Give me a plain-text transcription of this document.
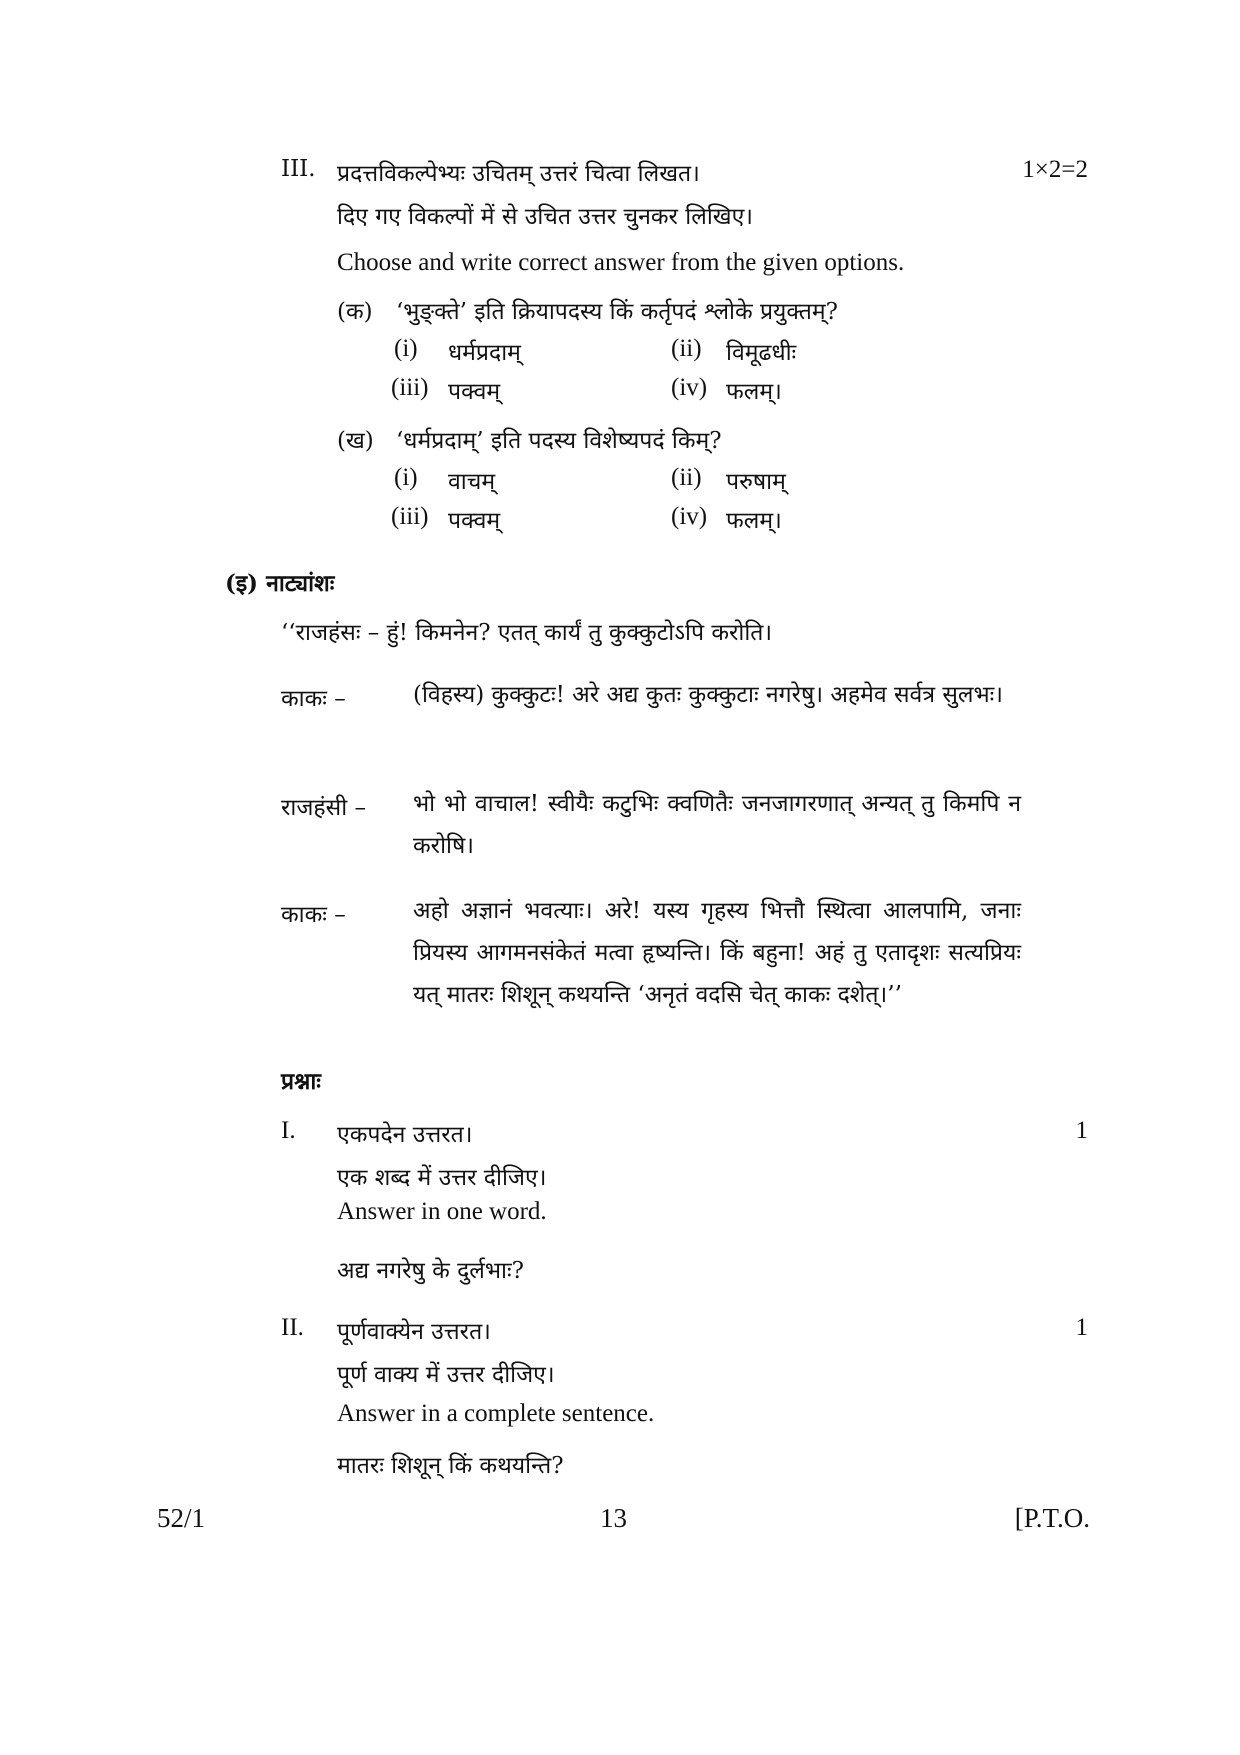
III. प्रदत्तविकल्पेभ्यः उचितम् उत्तरं चित्वा लिखत।	1×2=2
दिए गए विकल्पों में से उचित उत्तर चुनकर लिखिए।
Choose and write correct answer from the given options.
(क) ‘भुङ्क्ते’ इति क्रियापदस्य किं कर्तृपदं श्लोके प्रयुक्तम्?
(i) धर्मप्रदाम्	(ii) विमूढधीः
(iii) पक्वम्	(iv) फलम्।
(ख) ‘धर्मप्रदाम्’ इति पदस्य विशेष्यपदं किम्?
(i) वाचम्	(ii) परुषाम्
(iii) पक्वम्	(iv) फलम्।
(इ) नाट्यांशः
‘‘राजहंसः – हुं! किमनेन? एतत् कार्यं तु कुक्कुटोऽपि करोति।
काकः –	(विहस्य) कुक्कुटः! अरे अद्य कुतः कुक्कुटाः नगरेषु। अहमेव सर्वत्र सुलभः।
राजहंसी – भो भो वाचाल! स्वीयैः कटुभिः क्वणितैः जनजागरणात् अन्यत् तु किमपि न करोषि।
काकः –	अहो अज्ञानं भवत्याः। अरे! यस्य गृहस्य भित्तौ स्थित्वा आलपामि, जनाः प्रियस्य आगमनसंकेतं मत्वा हृष्यन्ति। किं बहुना! अहं तु एतादृशः सत्यप्रियः यत् मातरः शिशून् कथयन्ति ‘अनृतं वदसि चेत् काकः दशेत्।’’
प्रश्नाः
I. एकपदेन उत्तरत।	1
एक शब्द में उत्तर दीजिए।
Answer in one word.
अद्य नगरेषु के दुर्लभाः?
II. पूर्णवाक्येन उत्तरत।	1
पूर्ण वाक्य में उत्तर दीजिए।
Answer in a complete sentence.
मातरः शिशून् किं कथयन्ति?
52/1	13	[P.T.O.
